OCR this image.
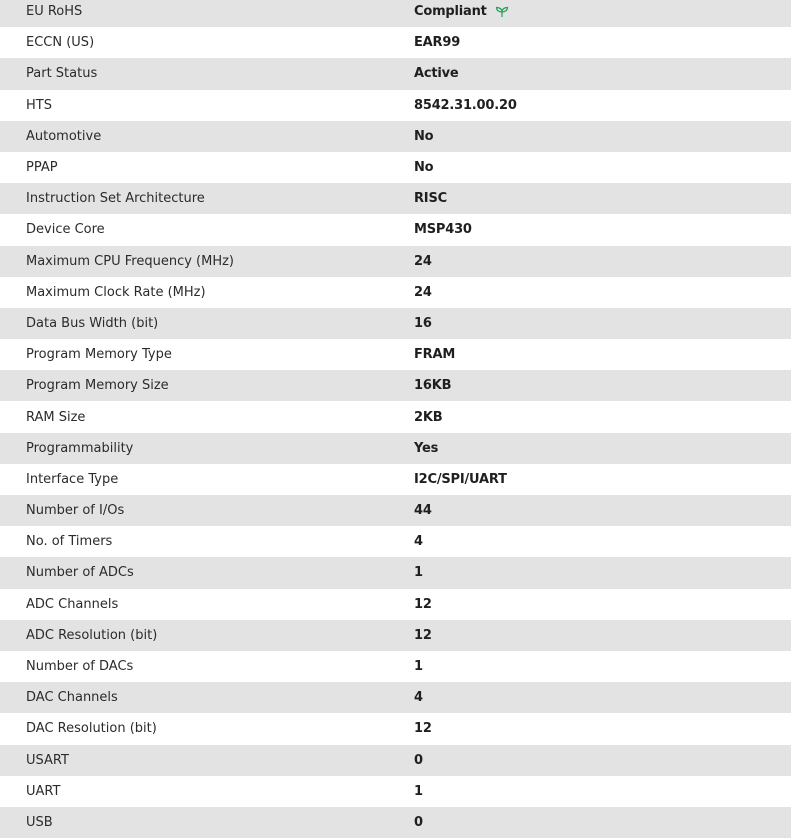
EU RoHS	Compliant
ECCN (US)	EAR99
Part Status	Active
HTS	8542.31.00.20
Automotive	No
PPAP	No
Instruction Set Architecture	RISC
Device Core	MSP430
Maximum CPU Frequency (MHz)	24
Maximum Clock Rate (MHz)	24
Data Bus Width (bit)	16
Program Memory Type	FRAM
Program Memory Size	16KB
RAM Size	2KB
Programmability	Yes
Interface Type	I2C/SPI/UART
Number of I/Os	44
No. of Timers	4
Number of ADCs	1
ADC Channels	12
ADC Resolution (bit)	12
Number of DACs	1
DAC Channels	4
DAC Resolution (bit)	12
USART	0
UART	1
USB	0
